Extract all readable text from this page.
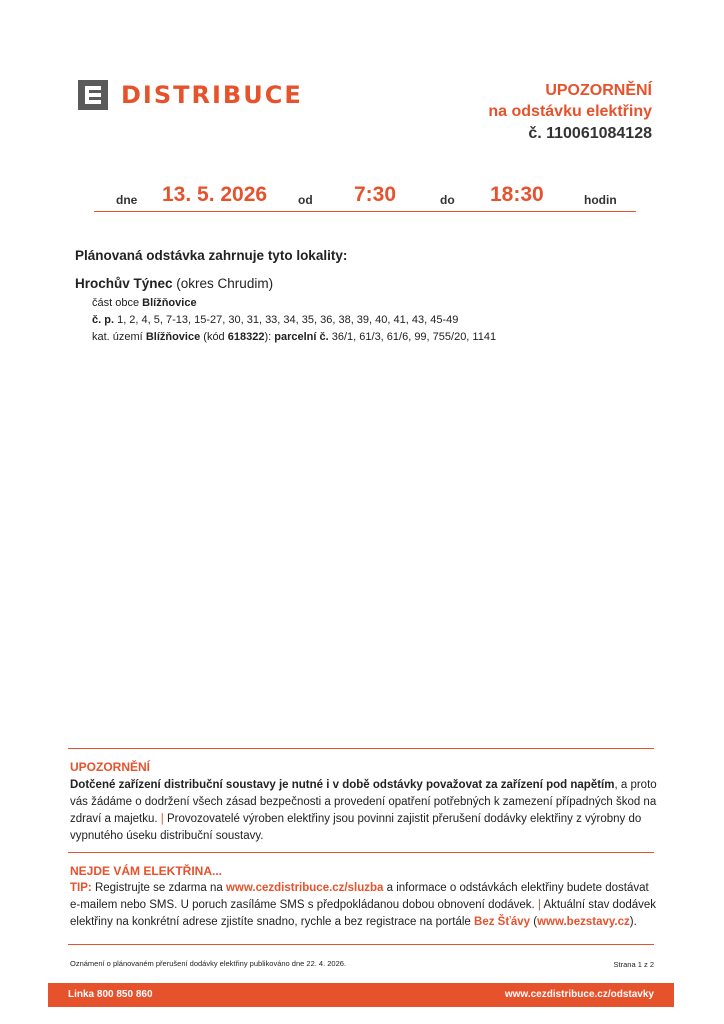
DISTRIBUCE	UPOZORNĚNÍ
na odstávku elektřiny
č. 110061084128
dne 13. 5. 2026	od 7:30	do 18:30	hodin
Plánovaná odstávka zahrnuje tyto lokality:
Hrochův Týnec (okres Chrudim)
část obce Blížňovice
č. p. 1, 2, 4, 5, 7-13, 15-27, 30, 31, 33, 34, 35, 36, 38, 39, 40, 41, 43, 45-49
kat. území Blížňovice (kód 618322): parcelní č. 36/1, 61/3, 61/6, 99, 755/20, 1141
UPOZORNĚNÍ
Dotčené zařízení distribuční soustavy je nutné i v době odstávky považovat za zařízení pod napětím, a proto vás žádáme o dodržení všech zásad bezpečnosti a provedení opatření potřebných k zamezení případných škod na zdraví a majetku. | Provozovatelé výroben elektřiny jsou povinni zajistit přerušení dodávky elektřiny z výrobny do vypnutého úseku distribuční soustavy.
NEJDE VÁM ELEKTŘINA...
TIP: Registrujte se zdarma na www.cezdistribuce.cz/sluzba a informace o odstávkách elektřiny budete dostávat e-mailem nebo SMS. U poruch zasíláme SMS s předpokládanou dobou obnovení dodávek. | Aktuální stav dodávek elektřiny na konkrétní adrese zjistíte snadno, rychle a bez registrace na portále Bez Šťávy (www.bezstavy.cz).
Oznámení o plánovaném přerušení dodávky elektřiny publikováno dne 22. 4. 2026.	Strana 1 z 2
Linka 800 850 860	www.cezdistribuce.cz/odstavky
